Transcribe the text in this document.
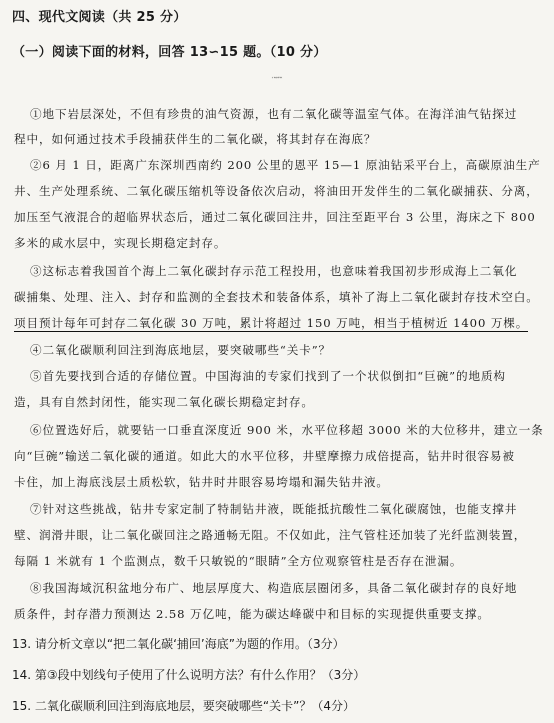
四、现代文阅读（共 25 分）
（一）阅读下面的材料，回答 13∽15 题。（10 分）
把二氧化碳“捕回”海底
①地下岩层深处，不但有珍贵的油气资源，也有二氧化碳等温室气体。在海洋油气钻探过
程中，如何通过技术手段捕获伴生的二氧化碳，将其封存在海底？
②6 月 1 日，距离广东深圳西南约 200 公里的恩平 15—1 原油钻采平台上，高碳原油生产
井、生产处理系统、二氧化碳压缩机等设备依次启动，将油田开发伴生的二氧化碳捕获、分离，
加压至气液混合的超临界状态后，通过二氧化碳回注井，回注至距平台 3 公里，海床之下 800
多米的咸水层中，实现长期稳定封存。
③这标志着我国首个海上二氧化碳封存示范工程投用，也意味着我国初步形成海上二氧化
碳捕集、处理、注入、封存和监测的全套技术和装备体系，填补了海上二氧化碳封存技术空白。
项目预计每年可封存二氧化碳 30 万吨，累计将超过 150 万吨，相当于植树近 1400 万棵。
④二氧化碳顺利回注到海底地层，要突破哪些“关卡”？
⑤首先要找到合适的存储位置。中国海油的专家们找到了一个状似倒扣“巨碗”的地质构
造，具有自然封闭性，能实现二氧化碳长期稳定封存。
⑥位置选好后，就要钻一口垂直深度近 900 米，水平位移超 3000 米的大位移井，建立一条
向“巨碗”输送二氧化碳的通道。如此大的水平位移，井壁摩擦力成倍提高，钻井时很容易被
卡住，加上海底浅层土质松软，钻井时井眼容易垮塌和漏失钻井液。
⑦针对这些挑战，钻井专家定制了特制钻井液，既能抵抗酸性二氧化碳腐蚀，也能支撑井
壁、润滑井眼，让二氧化碳回注之路通畅无阻。不仅如此，注气管柱还加装了光纤监测装置，
每隔 1 米就有 1 个监测点，数千只敏锐的“眼睛”全方位观察管柱是否存在泄漏。
⑧我国海域沉积盆地分布广、地层厚度大、构造底层圈闭多，具备二氧化碳封存的良好地
质条件，封存潜力预测达 2.58 万亿吨，能为碳达峰碳中和目标的实现提供重要支撑。
13. 请分析文章以“把二氧化碳‘捕回’海底”为题的作用。（3分）
14. 第③段中划线句子使用了什么说明方法？有什么作用？（3分）
15. 二氧化碳顺利回注到海底地层，要突破哪些“关卡”？（4分）
